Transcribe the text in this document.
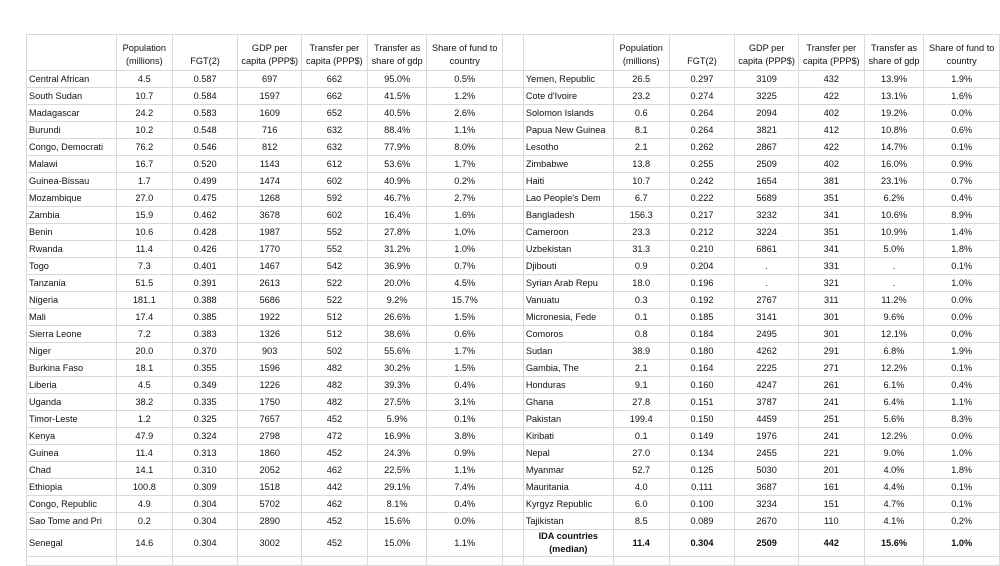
	Population (millions)	FGT(2)	GDP per capita (PPP$)	Transfer per capita (PPP$)	Transfer as share of gdp	Share of fund to country			Population (millions)	FGT(2)	GDP per capita (PPP$)	Transfer per capita (PPP$)	Transfer as share of gdp	Share of fund to country
Central African	4.5	0.587	697	662	95.0%	0.5%		Yemen, Republic	26.5	0.297	3109	432	13.9%	1.9%
South Sudan	10.7	0.584	1597	662	41.5%	1.2%		Cote d'Ivoire	23.2	0.274	3225	422	13.1%	1.6%
Madagascar	24.2	0.583	1609	652	40.5%	2.6%		Solomon Islands	0.6	0.264	2094	402	19.2%	0.0%
Burundi	10.2	0.548	716	632	88.4%	1.1%		Papua New Guinea	8.1	0.264	3821	412	10.8%	0.6%
Congo, Democrati	76.2	0.546	812	632	77.9%	8.0%		Lesotho	2.1	0.262	2867	422	14.7%	0.1%
Malawi	16.7	0.520	1143	612	53.6%	1.7%		Zimbabwe	13.8	0.255	2509	402	16.0%	0.9%
Guinea-Bissau	1.7	0.499	1474	602	40.9%	0.2%		Haiti	10.7	0.242	1654	381	23.1%	0.7%
Mozambique	27.0	0.475	1268	592	46.7%	2.7%		Lao People's Dem	6.7	0.222	5689	351	6.2%	0.4%
Zambia	15.9	0.462	3678	602	16.4%	1.6%		Bangladesh	156.3	0.217	3232	341	10.6%	8.9%
Benin	10.6	0.428	1987	552	27.8%	1.0%		Cameroon	23.3	0.212	3224	351	10.9%	1.4%
Rwanda	11.4	0.426	1770	552	31.2%	1.0%		Uzbekistan	31.3	0.210	6861	341	5.0%	1.8%
Togo	7.3	0.401	1467	542	36.9%	0.7%		Djibouti	0.9	0.204	.	331	.	0.1%
Tanzania	51.5	0.391	2613	522	20.0%	4.5%		Syrian Arab Repu	18.0	0.196	.	321	.	1.0%
Nigeria	181.1	0.388	5686	522	9.2%	15.7%		Vanuatu	0.3	0.192	2767	311	11.2%	0.0%
Mali	17.4	0.385	1922	512	26.6%	1.5%		Micronesia, Fede	0.1	0.185	3141	301	9.6%	0.0%
Sierra Leone	7.2	0.383	1326	512	38.6%	0.6%		Comoros	0.8	0.184	2495	301	12.1%	0.0%
Niger	20.0	0.370	903	502	55.6%	1.7%		Sudan	38.9	0.180	4262	291	6.8%	1.9%
Burkina Faso	18.1	0.355	1596	482	30.2%	1.5%		Gambia, The	2.1	0.164	2225	271	12.2%	0.1%
Liberia	4.5	0.349	1226	482	39.3%	0.4%		Honduras	9.1	0.160	4247	261	6.1%	0.4%
Uganda	38.2	0.335	1750	482	27.5%	3.1%		Ghana	27.8	0.151	3787	241	6.4%	1.1%
Timor-Leste	1.2	0.325	7657	452	5.9%	0.1%		Pakistan	199.4	0.150	4459	251	5.6%	8.3%
Kenya	47.9	0.324	2798	472	16.9%	3.8%		Kiribati	0.1	0.149	1976	241	12.2%	0.0%
Guinea	11.4	0.313	1860	452	24.3%	0.9%		Nepal	27.0	0.134	2455	221	9.0%	1.0%
Chad	14.1	0.310	2052	462	22.5%	1.1%		Myanmar	52.7	0.125	5030	201	4.0%	1.8%
Ethiopia	100.8	0.309	1518	442	29.1%	7.4%		Mauritania	4.0	0.111	3687	161	4.4%	0.1%
Congo, Republic	4.9	0.304	5702	462	8.1%	0.4%		Kyrgyz Republic	6.0	0.100	3234	151	4.7%	0.1%
Sao Tome and Pri	0.2	0.304	2890	452	15.6%	0.0%		Tajikistan	8.5	0.089	2670	110	4.1%	0.2%
Senegal	14.6	0.304	3002	452	15.0%	1.1%		IDA countries (median)	11.4	0.304	2509	442	15.6%	1.0%
